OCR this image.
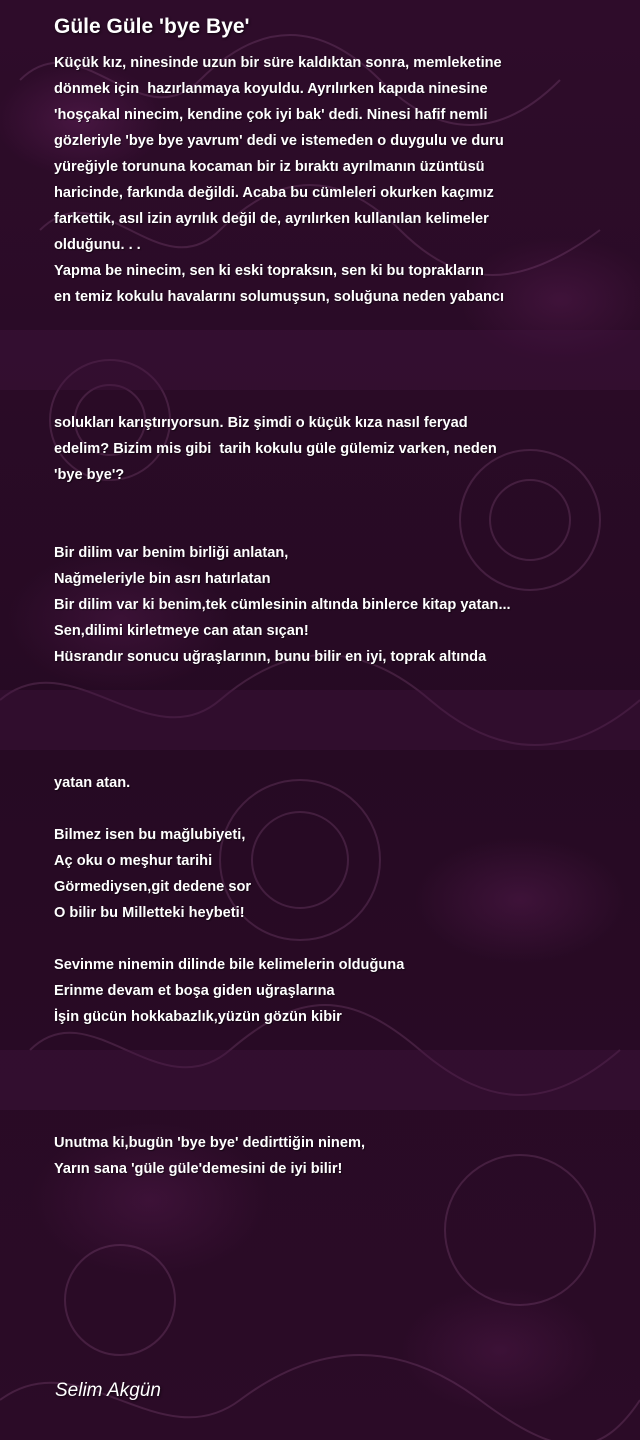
Güle Güle 'bye Bye'
Küçük kız, ninesinde uzun bir süre kaldıktan sonra, memleketine
dönmek için  hazırlanmaya koyuldu. Ayrılırken kapıda ninesine
'hoşçakal ninecim, kendine çok iyi bak' dedi. Ninesi hafif nemli
gözleriyle 'bye bye yavrum' dedi ve istemeden o duygulu ve duru
yüreğiyle torununa kocaman bir iz bıraktı ayrılmanın üzüntüsü
haricinde, farkında değildi. Acaba bu cümleleri okurken kaçımız
farkettik, asıl izin ayrılık değil de, ayrılırken kullanılan kelimeler
olduğunu. . .
Yapma be ninecim, sen ki eski topraksın, sen ki bu toprakların
en temiz kokulu havalarını solumuşsun, soluğuna neden yabancı
solukları karıştırıyorsun. Biz şimdi o küçük kıza nasıl feryad
edelim? Bizim mis gibi  tarih kokulu güle gülemiz varken, neden
'bye bye'?
Bir dilim var benim birliği anlatan,
Nağmeleriyle bin asrı hatırlatan
Bir dilim var ki benim,tek cümlesinin altında binlerce kitap yatan...
Sen,dilimi kirletmeye can atan sıçan!
Hüsrandır sonucu uğraşlarının, bunu bilir en iyi, toprak altında
yatan atan.
Bilmez isen bu mağlubiyeti,
Aç oku o meşhur tarihi
Görmediysen,git dedene sor
O bilir bu Milletteki heybeti!
Sevinme ninemin dilinde bile kelimelerin olduğuna
Erinme devam et boşa giden uğraşlarına
İşin gücün hokkabazlık,yüzün gözün kibir
Unutma ki,bugün 'bye bye' dedirttiğin ninem,
Yarın sana 'güle güle'demesini de iyi bilir!

Selim Akgün
